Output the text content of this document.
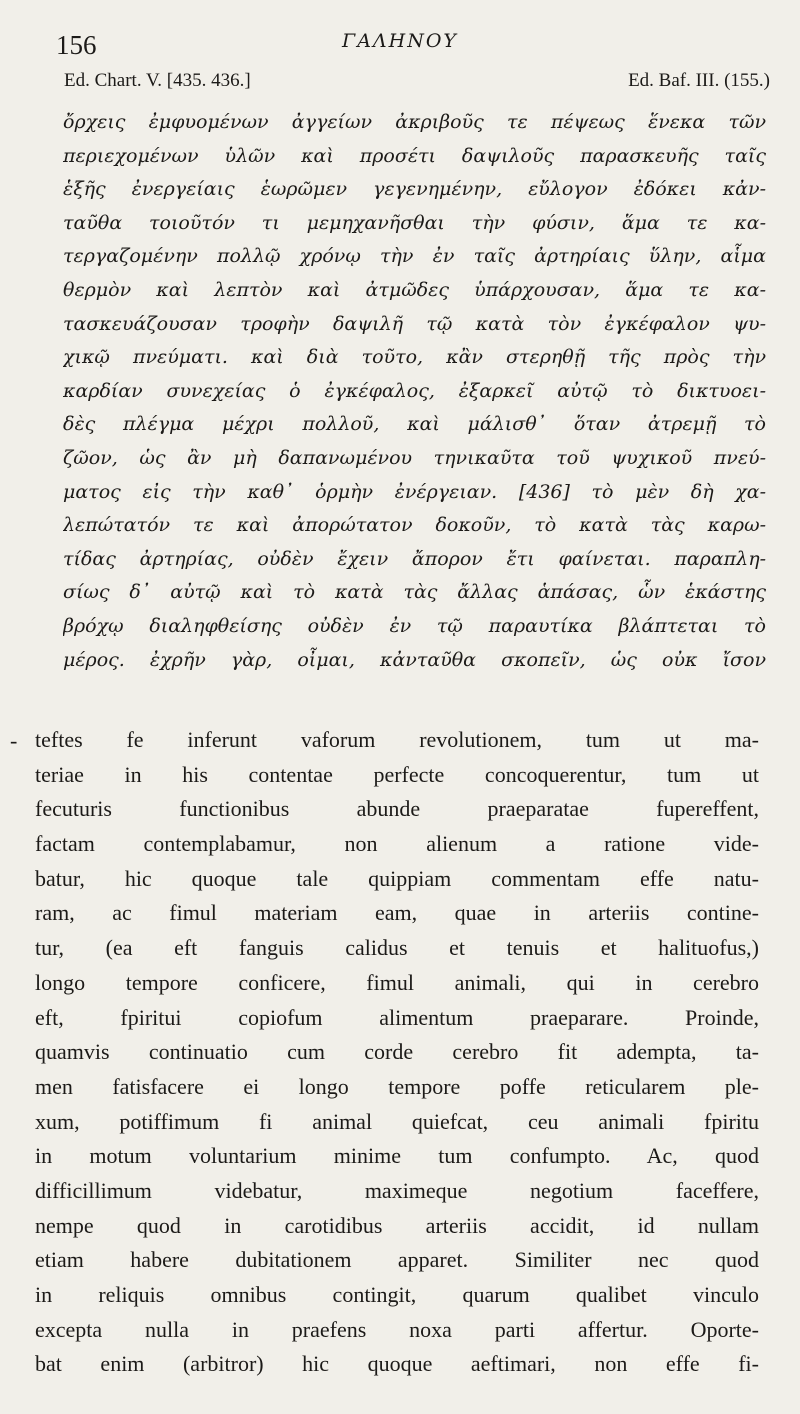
156	ΓΑΛΗΝΟΥ
Ed. Chart. V. [435. 436.]	Ed. Baf. III. (155.)
ὄρχεις ἐμφυομένων ἀγγείων ἀκριβοῦς τε πέψεως ἕνεκα τῶν
περιεχομένων ὑλῶν καὶ προσέτι δαψιλοῦς παρασκευῆς ταῖς
ἑξῆς ἐνεργείαις ἑωρῶμεν γεγενημένην, εὔλογον ἐδόκει κἀν-
ταῦθα τοιοῦτόν τι μεμηχανῆσθαι τὴν φύσιν, ἅμα τε κα-
τεργαζομένην πολλῷ χρόνῳ τὴν ἐν ταῖς ἀρτηρίαις ὕλην, αἷμα
θερμὸν καὶ λεπτὸν καὶ ἀτμῶδες ὑπάρχουσαν, ἅμα τε κα-
τασκευάζουσαν τροφὴν δαψιλῆ τῷ κατὰ τὸν ἐγκέφαλον ψυ-
χικῷ πνεύματι. καὶ διὰ τοῦτο, κἂν στερηθῇ τῆς πρὸς τὴν
καρδίαν συνεχείας ὁ ἐγκέφαλος, ἐξαρκεῖ αὐτῷ τὸ δικτυοει-
δὲς πλέγμα μέχρι πολλοῦ, καὶ μάλισθ᾽ ὅταν ἀτρεμῇ τὸ
ζῶον, ὡς ἂν μὴ δαπανωμένου τηνικαῦτα τοῦ ψυχικοῦ πνεύ-
ματος εἰς τὴν καθ᾽ ὁρμὴν ἐνέργειαν. [436] τὸ μὲν δὴ χα-
λεπώτατόν τε καὶ ἀπορώτατον δοκοῦν, τὸ κατὰ τὰς καρω-
τίδας ἀρτηρίας, οὐδὲν ἔχειν ἄπορον ἔτι φαίνεται. παραπλη-
σίως δ᾽ αὐτῷ καὶ τὸ κατὰ τὰς ἄλλας ἁπάσας, ὧν ἑκάστης
βρόχῳ διαληφθείσης οὐδὲν ἐν τῷ παραυτίκα βλάπτεται τὸ
μέρος. ἐχρῆν γὰρ, οἶμαι, κἀνταῦθα σκοπεῖν, ὡς οὐκ ἴσον
- teftes fe inferunt vaforum revolutionem, tum ut ma-
teriae in his contentae perfecte concoquerentur, tum ut
fecuturis functionibus abunde praeparatae fupereffent,
factam contemplabamur, non alienum a ratione vide-
batur, hic quoque tale quippiam commentam effe natu-
ram, ac fimul materiam eam, quae in arteriis contine-
tur, (ea eft fanguis calidus et tenuis et halituofus,)
longo tempore conficere, fimul animali, qui in cerebro
eft, fpiritui copiofum alimentum praeparare. Proinde,
quamvis continuatio cum corde cerebro fit adempta, ta-
men fatisfacere ei longo tempore poffe reticularem ple-
xum, potiffimum fi animal quiefcat, ceu animali fpiritu
in motum voluntarium minime tum confumpto. Ac, quod
difficillimum videbatur, maximeque negotium faceffere,
nempe quod in carotidibus arteriis accidit, id nullam
etiam habere dubitationem apparet. Similiter nec quod
in reliquis omnibus contingit, quarum qualibet vinculo
excepta nulla in praefens noxa parti affertur. Oporte-
bat enim (arbitror) hic quoque aeftimari, non effe fi-
